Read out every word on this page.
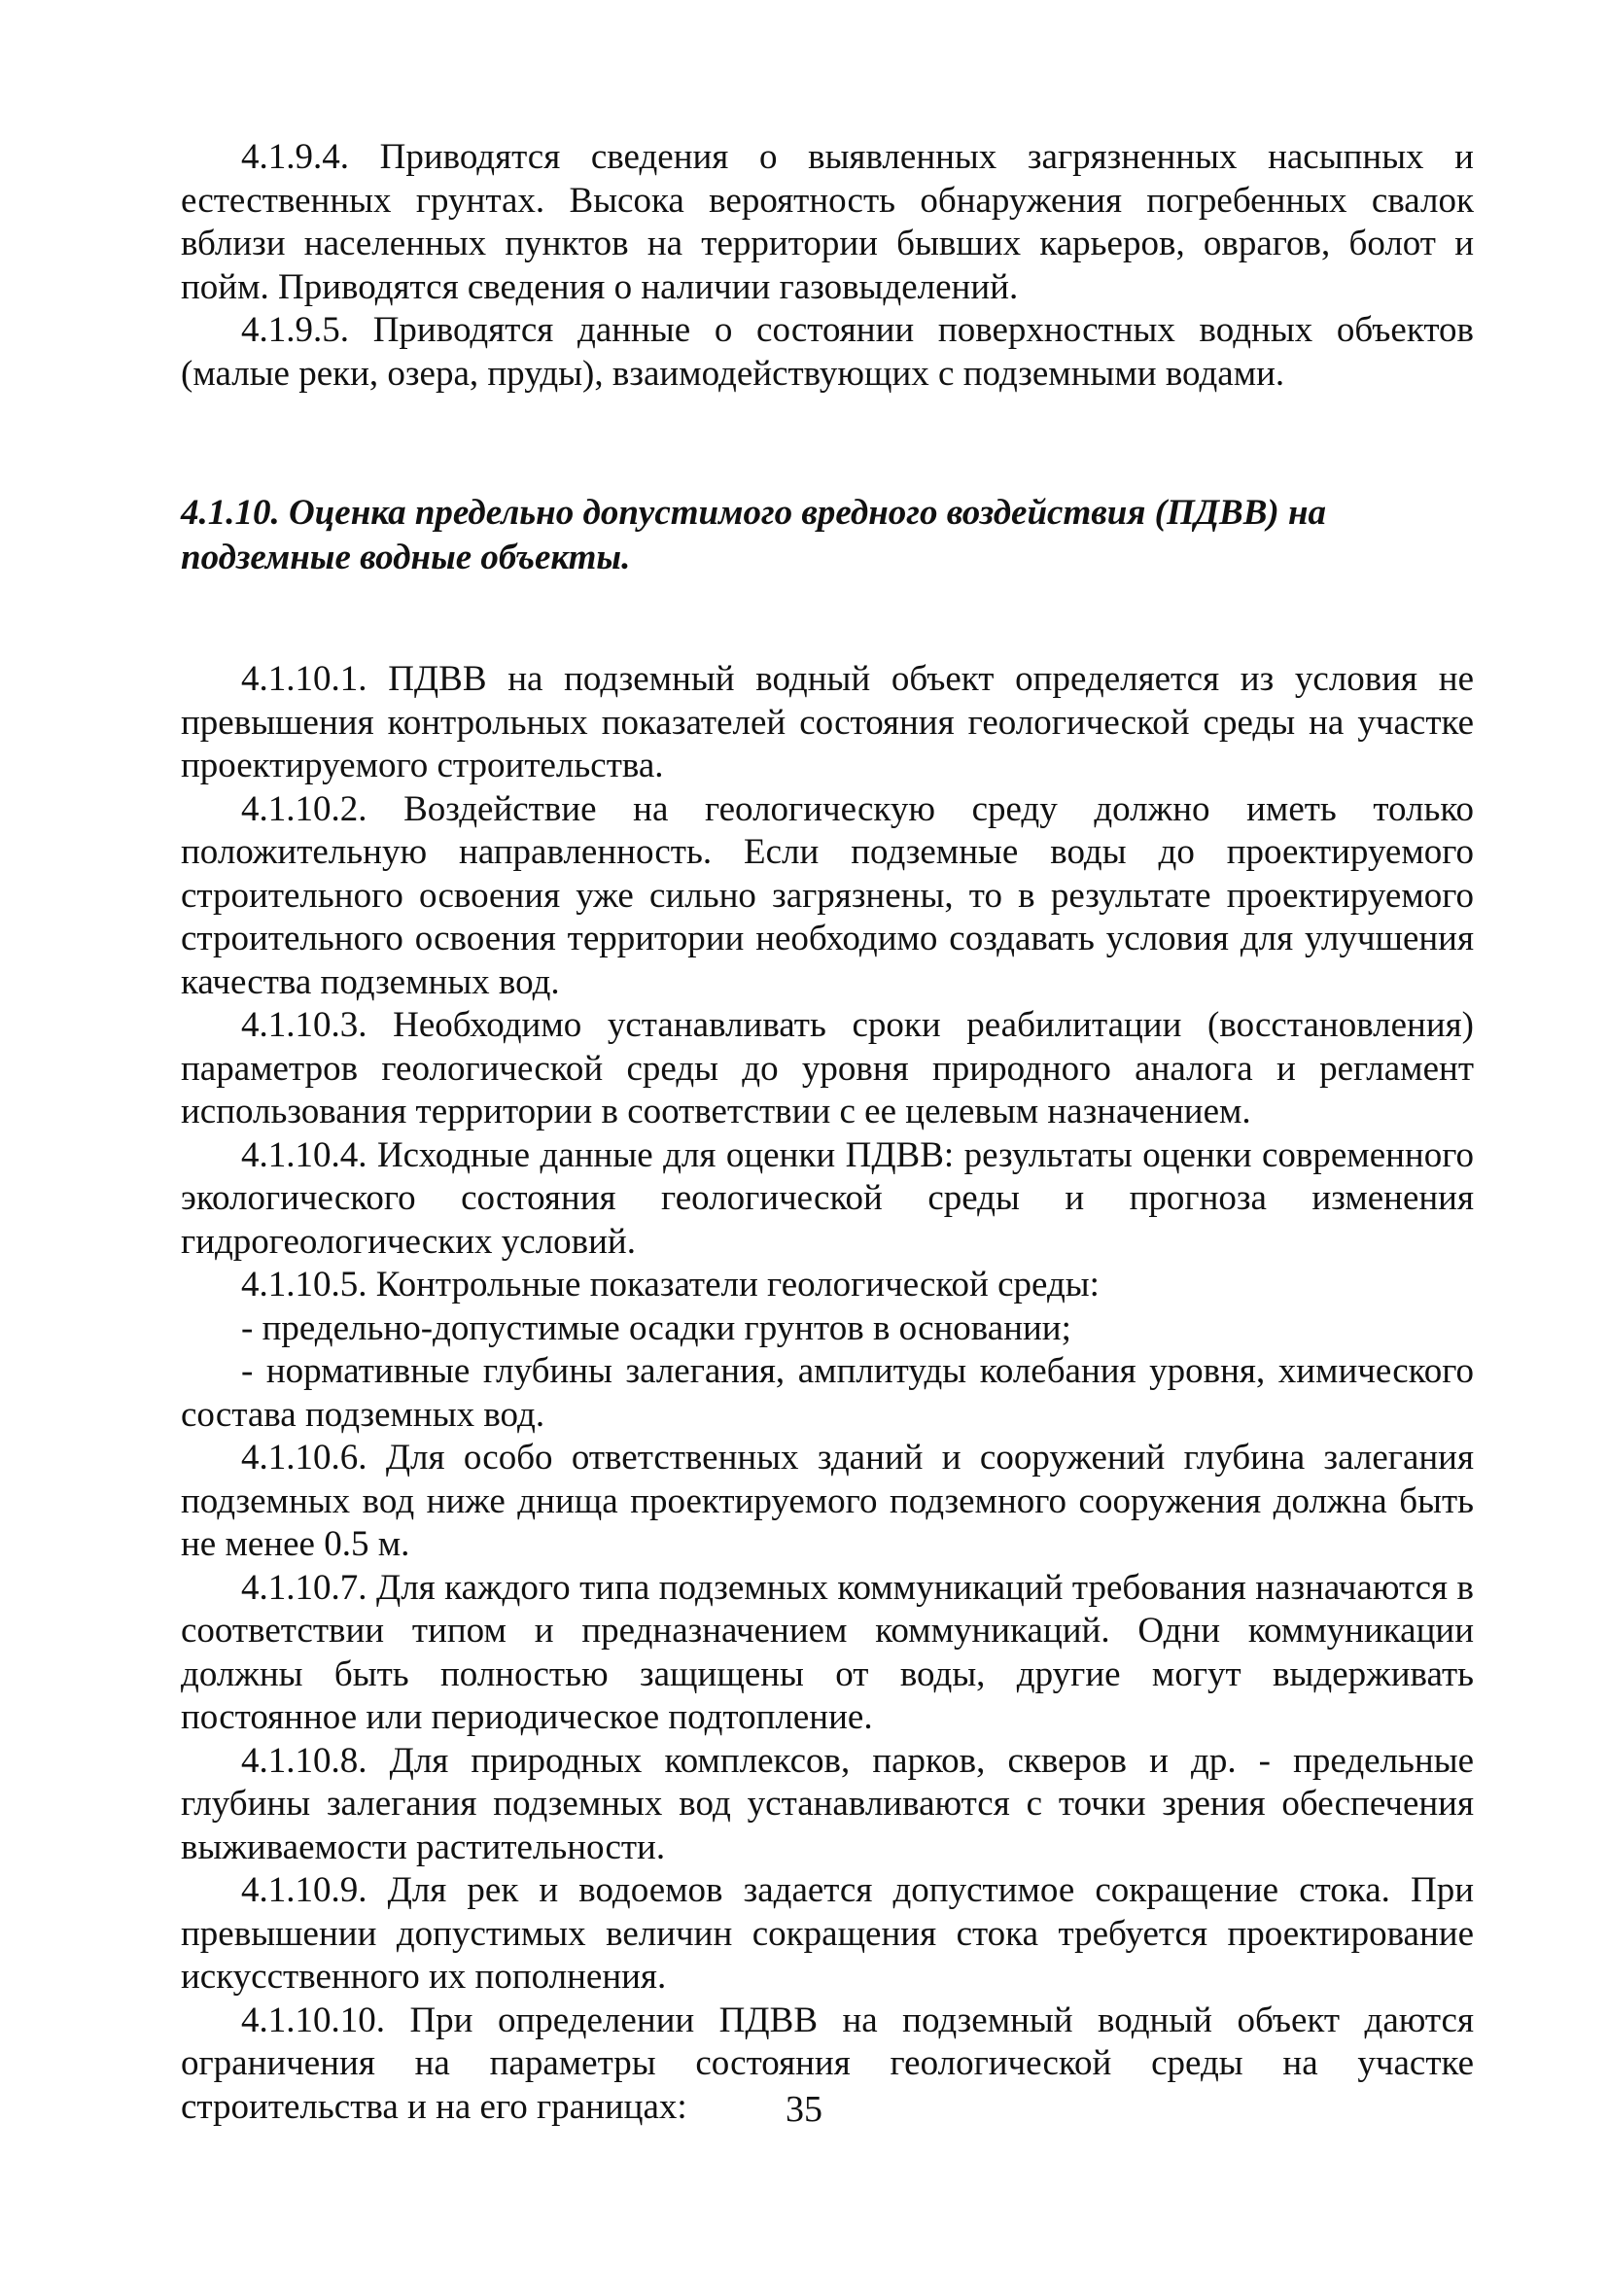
4.1.9.4. Приводятся сведения о выявленных загрязненных насыпных и естественных грунтах. Высока вероятность обнаружения погребенных свалок вблизи населенных пунктов на территории бывших карьеров, оврагов, болот и пойм. Приводятся сведения о наличии газовыделений.

4.1.9.5. Приводятся данные о состоянии поверхностных водных объектов (малые реки, озера, пруды), взаимодействующих с подземными водами.

4.1.10. Оценка предельно допустимого вредного воздействия (ПДВВ) на подземные водные объекты.

4.1.10.1. ПДВВ на подземный водный объект определяется из условия не превышения контрольных показателей состояния геологической среды на участке проектируемого строительства.

4.1.10.2. Воздействие на геологическую среду должно иметь только положительную направленность. Если подземные воды до проектируемого строительного освоения уже сильно загрязнены, то в результате проектируемого строительного освоения территории необходимо создавать условия для улучшения качества подземных вод.

4.1.10.3. Необходимо устанавливать сроки реабилитации (восстановления) параметров геологической среды до уровня природного аналога и регламент использования территории в соответствии с ее целевым назначением.

4.1.10.4. Исходные данные для оценки ПДВВ: результаты оценки современного экологического состояния геологической среды и прогноза изменения гидрогеологических условий.

4.1.10.5. Контрольные показатели геологической среды:

- предельно-допустимые осадки грунтов в основании;

- нормативные глубины залегания, амплитуды колебания уровня, химического состава подземных вод.

4.1.10.6. Для особо ответственных зданий и сооружений глубина залегания подземных вод ниже днища проектируемого подземного сооружения должна быть не менее 0.5 м.

4.1.10.7. Для каждого типа подземных коммуникаций требования назначаются в соответствии типом и предназначением коммуникаций. Одни коммуникации должны быть полностью защищены от воды, другие могут выдерживать постоянное или периодическое подтопление.

4.1.10.8. Для природных комплексов, парков, скверов и др. - предельные глубины залегания подземных вод устанавливаются с точки зрения обеспечения выживаемости растительности.

4.1.10.9. Для рек и водоемов задается допустимое сокращение стока. При превышении допустимых величин сокращения стока требуется проектирование искусственного их пополнения.

4.1.10.10. При определении ПДВВ на подземный водный объект даются ограничения на параметры состояния геологической среды на участке строительства и на его границах:	35
